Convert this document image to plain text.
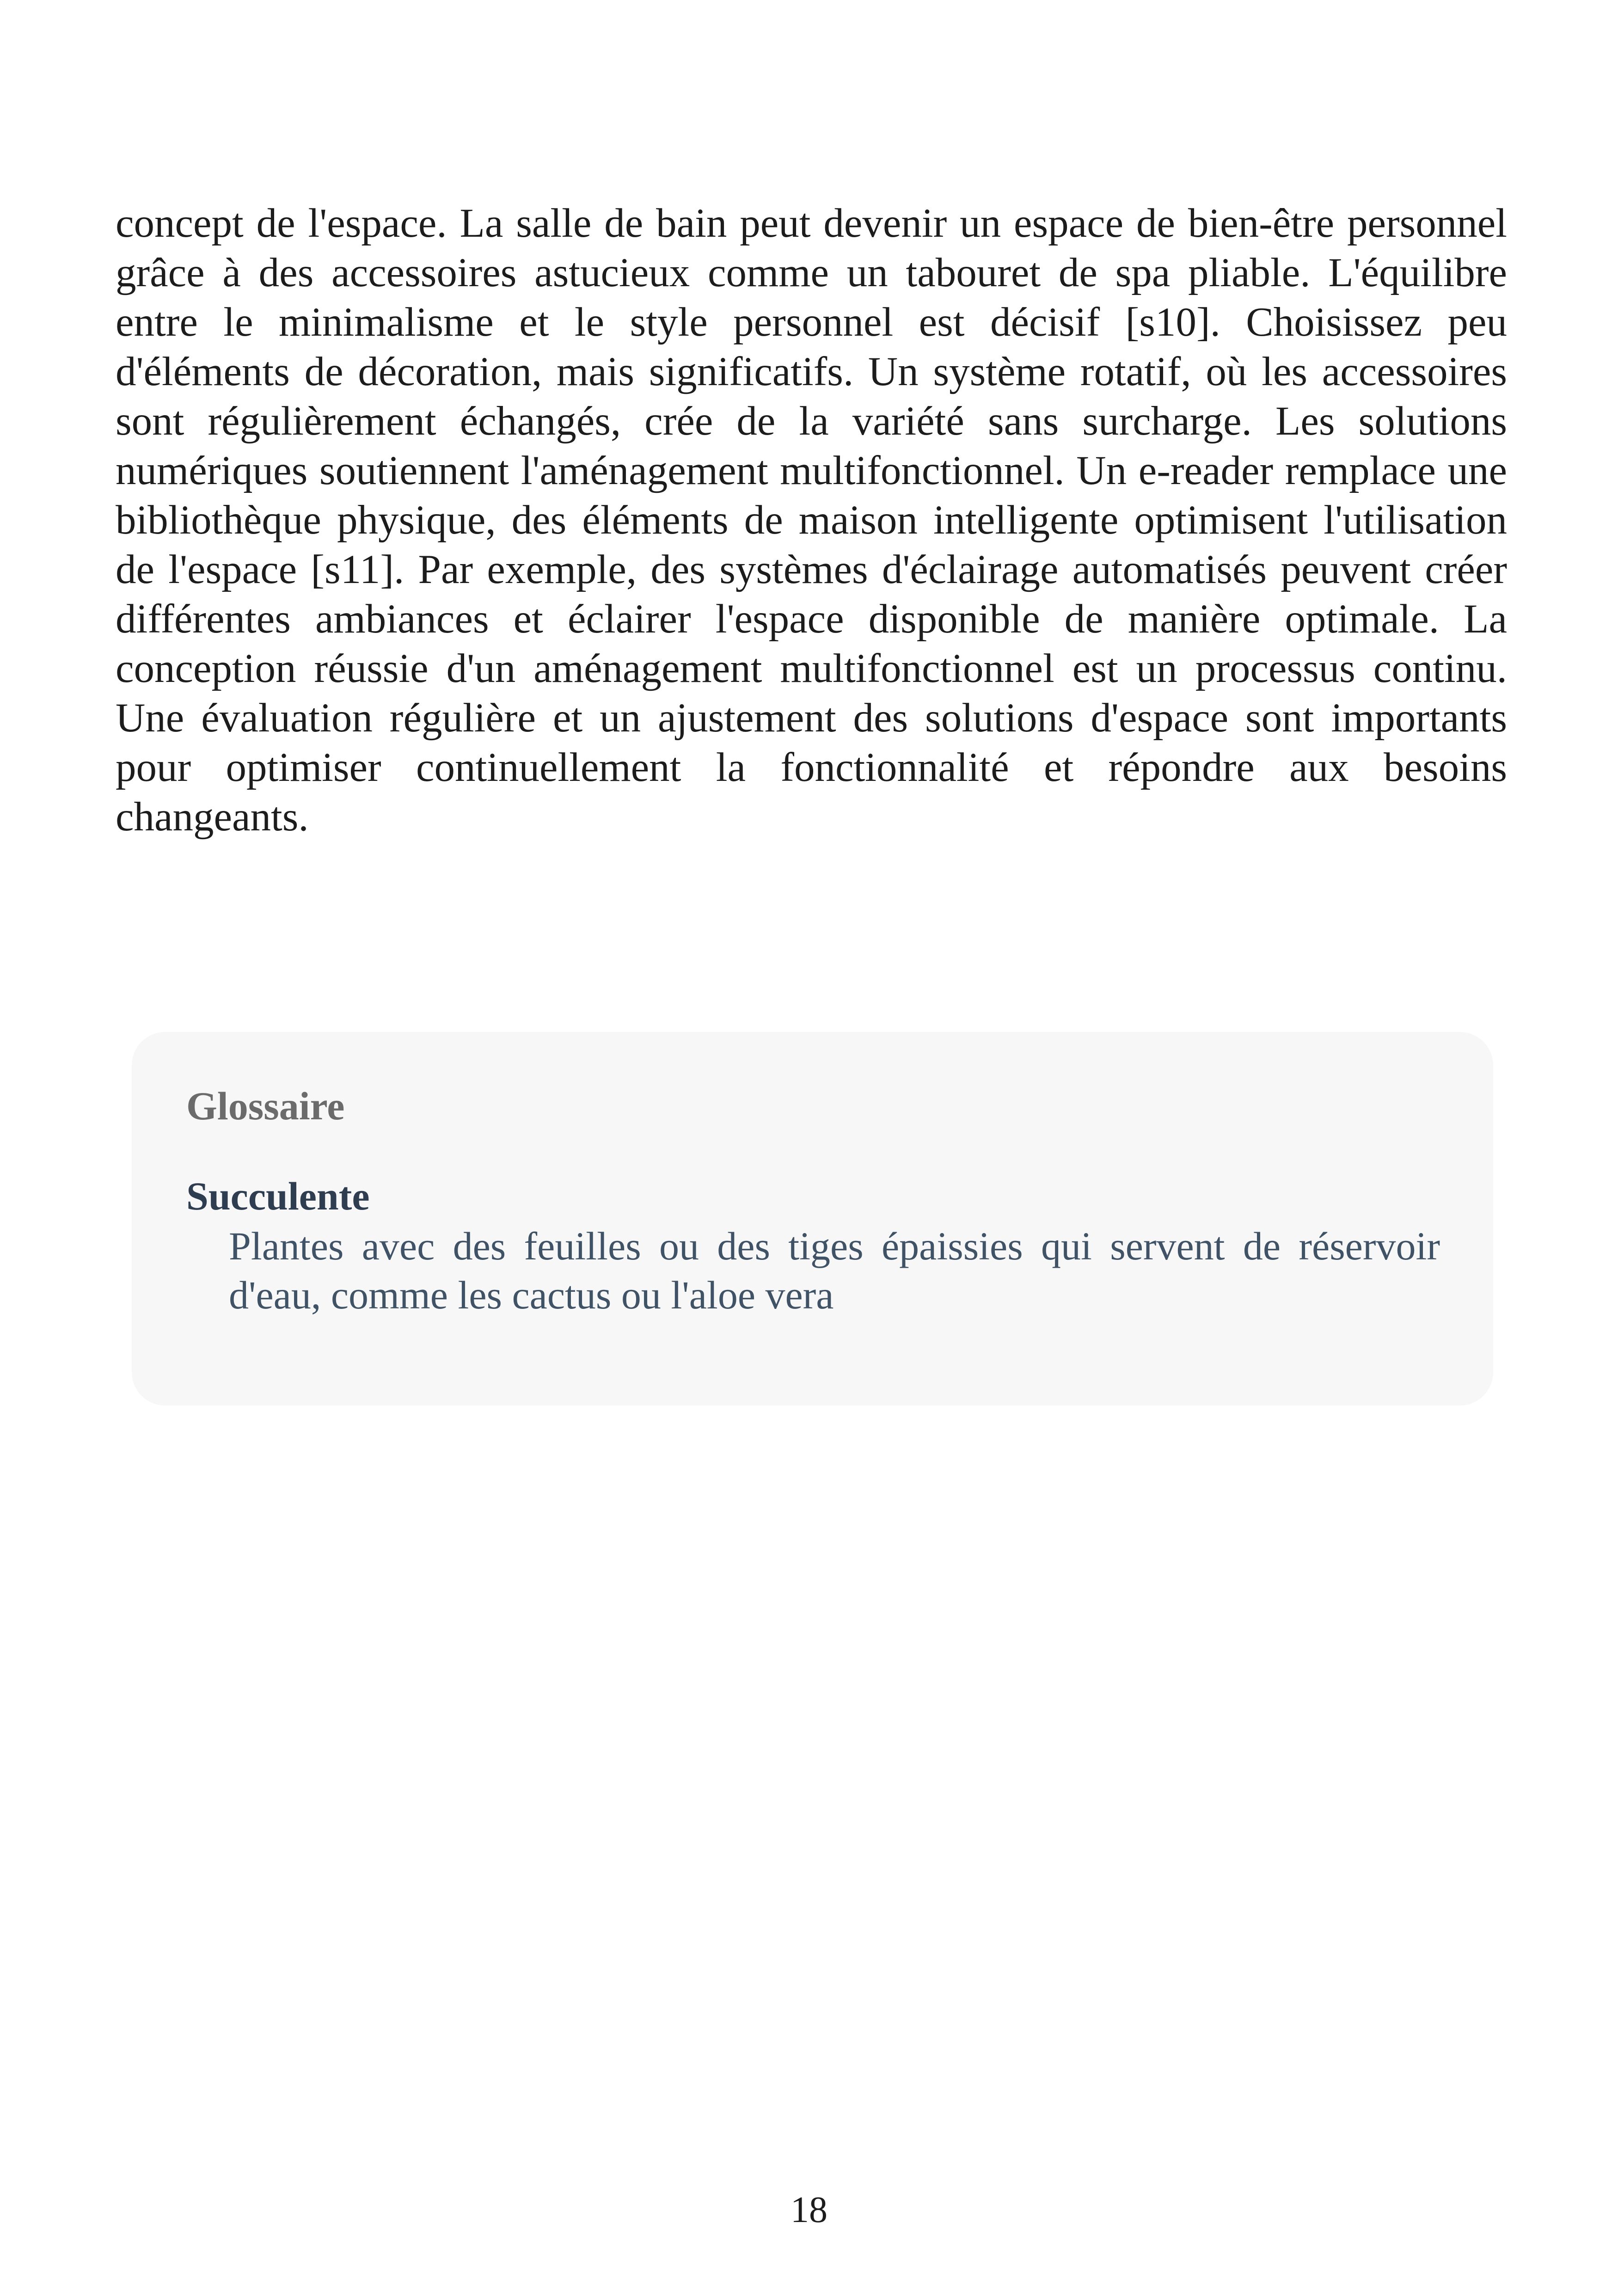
concept de l'espace. La salle de bain peut devenir un espace de bien-être personnel grâce à des accessoires astucieux comme un tabouret de spa pliable. L'équilibre entre le minimalisme et le style personnel est décisif [s10]. Choisissez peu d'éléments de décoration, mais significatifs. Un système rotatif, où les accessoires sont régulièrement échangés, crée de la variété sans surcharge. Les solutions numériques soutiennent l'aménagement multifonctionnel. Un e-reader remplace une bibliothèque physique, des éléments de maison intelligente optimisent l'utilisation de l'espace [s11]. Par exemple, des systèmes d'éclairage automatisés peuvent créer différentes ambiances et éclairer l'espace disponible de manière optimale. La conception réussie d'un aménagement multifonctionnel est un processus continu. Une évaluation régulière et un ajustement des solutions d'espace sont importants pour optimiser continuellement la fonctionnalité et répondre aux besoins changeants.

Glossaire
Succulente

Plantes avec des feuilles ou des tiges épaissies qui servent de réservoir d'eau, comme les cactus ou l'aloe vera

18
